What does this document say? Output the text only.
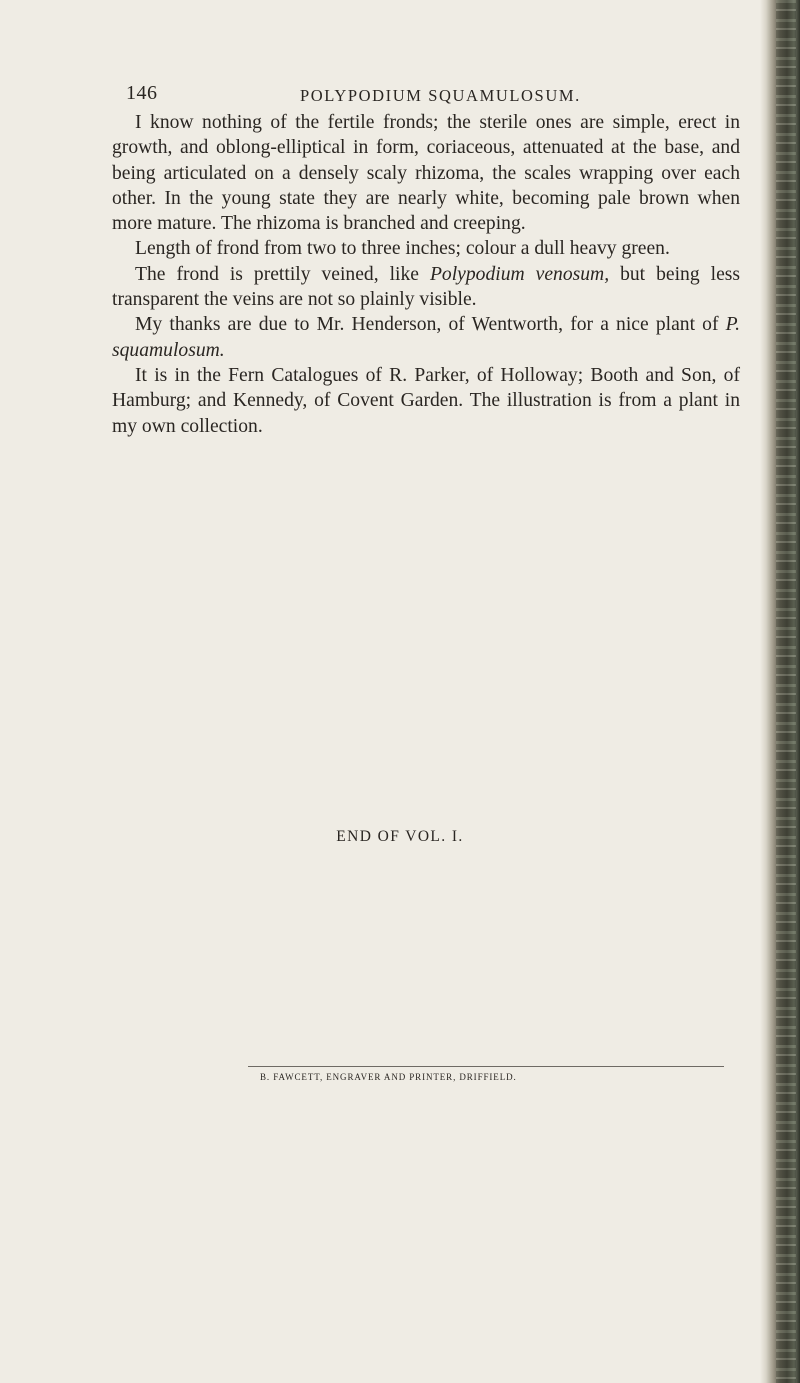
146	POLYPODIUM SQUAMULOSUM.

I know nothing of the fertile fronds; the sterile ones are simple, erect in growth, and oblong-elliptical in form, coriaceous, attenuated at the base, and being articulated on a densely scaly rhizoma, the scales wrapping over each other. In the young state they are nearly white, becoming pale brown when more mature. The rhizoma is branched and creeping.

Length of frond from two to three inches; colour a dull heavy green.

The frond is prettily veined, like Polypodium venosum, but being less transparent the veins are not so plainly visible.

My thanks are due to Mr. Henderson, of Wentworth, for a nice plant of P. squamulosum.

It is in the Fern Catalogues of R. Parker, of Holloway; Booth and Son, of Hamburg; and Kennedy, of Covent Garden. The illustration is from a plant in my own collection.

END OF VOL. I.
B. FAWCETT, ENGRAVER AND PRINTER, DRIFFIELD.
